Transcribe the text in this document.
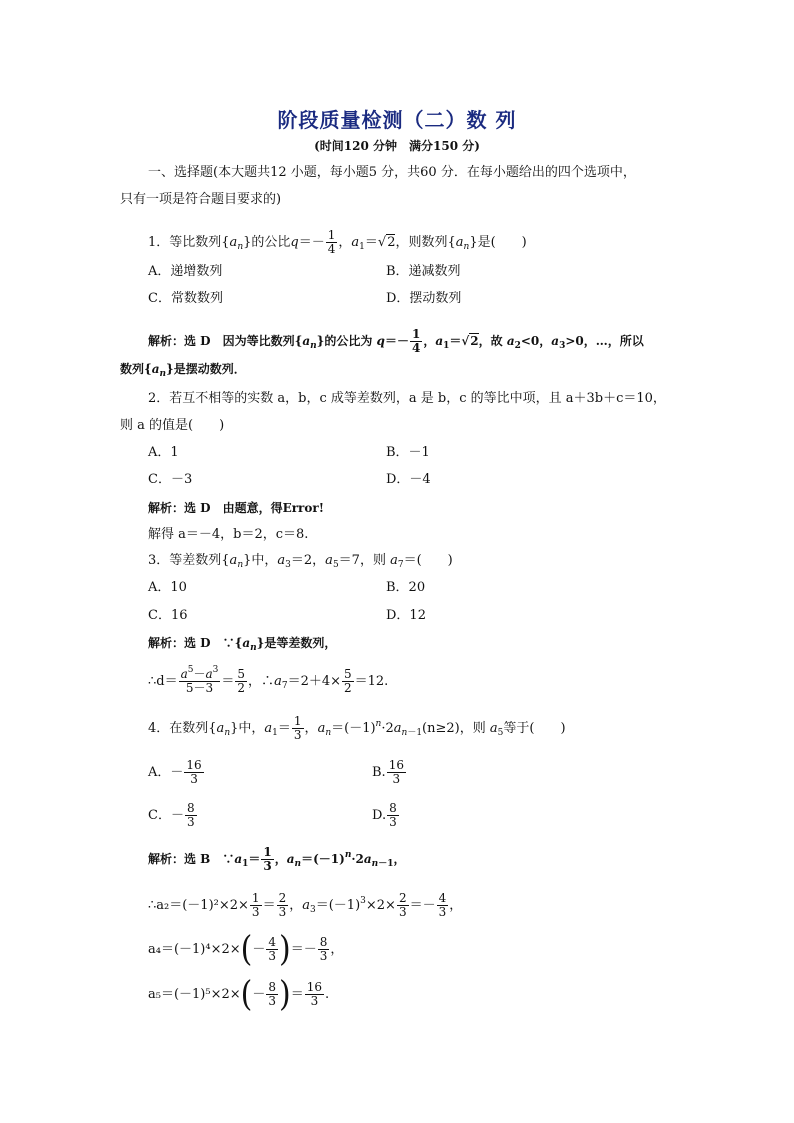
阶段质量检测（二）数 列
(时间120 分钟　满分150 分)
一、选择题(本大题共12 小题，每小题5 分，共60 分．在每小题给出的四个选项中，
只有一项是符合题目要求的)
1．等比数列$\{a_n\}$的公比$q=- \frac{1}{4}$ ，$a_1=√2$，则数列$\{a_n\}$是(　　)
A．递增数列	B．递减数列
C．常数数列	D．摆动数列
解析：选 D　因为等比数列$\{a_n\}$的公比为 $q=- \frac{1}{4}$ ，$a_1=√2$，故 $a_2<0$，$a_3>0$，…，所以
数列$\{a_n\}$是摆动数列．
2．若互不相等的实数 a，b，c 成等差数列，a 是 b，c 的等比中项，且 a＋3b＋c＝10，
则 a 的值是(　　)
A．1	B．－1
C．－3	D．－4
解析：选 D　由题意，得Error!
解得 a＝－4，b＝2，c＝8.
3．等差数列$\{a_n\}$中，$a_3=2$，$a_5=7$，则 $a_7=$(　　)
A．10	B．20
C．16	D．12
解析：选 D　$\because\{a_n\}$是等差数列，
∴d＝ $\frac{a^5-a^3}{5-3} = \frac{5}{2}$ ，$\therefore a_7=2+4\times \frac{5}{2} =12$.
4．在数列$\{a_n\}$中，$a_1= \frac{1}{3}$ ，$a_n=(-1)^n\cdot 2a_{n-1}(n\ge 2)$，则 $a_5$等于(　　)
A．－ $\frac{16}{3}$	B. $\frac{16}{3}$
C．－ $\frac{8}{3}$	D. $\frac{8}{3}$
解析：选 B　$\because a_1= \frac{1}{3}$ ，$a_n=(-1)^n\cdot 2a_{n-1}$，
∴a₂＝(－1)²×2× $\frac{1}{3} = \frac{2}{3}$ ，$a_3=(-1)^3\times 2\times \frac{2}{3} =- \frac{4}{3}$ ，
$a_4=(-1)^4\times 2\times(- \frac{4}{3}$ )＝－ $\frac{8}{3}$ ，
$a_5=(-1)^5\times 2\times(- \frac{8}{3}$ )＝ $\frac{16}{3}$ .
